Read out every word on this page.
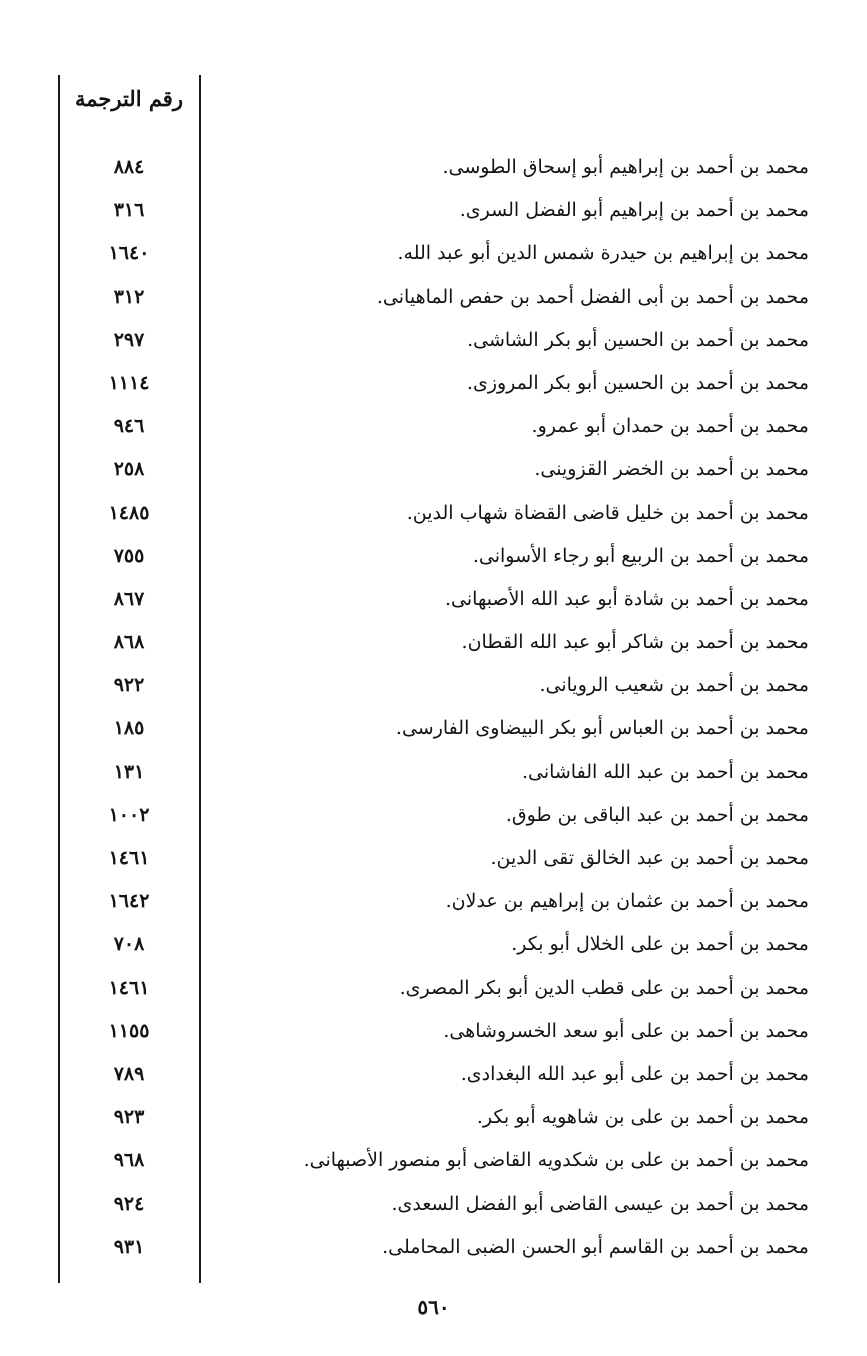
رقم الترجمة
٨٨٤	محمد بن أحمد بن إبراهيم أبو إسحاق الطوسى.
٣١٦	محمد بن أحمد بن إبراهيم أبو الفضل السرى.
١٦٤٠	محمد بن إبراهيم بن حيدرة شمس الدين أبو عبد الله.
٣١٢	محمد بن أحمد بن أبى الفضل أحمد بن حفص الماهيانى.
٢٩٧	محمد بن أحمد بن الحسين أبو بكر الشاشى.
١١١٤	محمد بن أحمد بن الحسين أبو بكر المروزى.
٩٤٦	محمد بن أحمد بن حمدان أبو عمرو.
٢٥٨	محمد بن أحمد بن الخضر القزوينى.
١٤٨٥	محمد بن أحمد بن خليل قاضى القضاة شهاب الدين.
٧٥٥	محمد بن أحمد بن الربيع أبو رجاء الأسوانى.
٨٦٧	محمد بن أحمد بن شادة أبو عبد الله الأصبهانى.
٨٦٨	محمد بن أحمد بن شاكر أبو عبد الله القطان.
٩٢٢	محمد بن أحمد بن شعيب الرويانى.
١٨٥	محمد بن أحمد بن العباس أبو بكر البيضاوى الفارسى.
١٣١	محمد بن أحمد بن عبد الله الفاشانى.
١٠٠٢	محمد بن أحمد بن عبد الباقى بن طوق.
١٤٦١	محمد بن أحمد بن عبد الخالق تقى الدين.
١٦٤٢	محمد بن أحمد بن عثمان بن إبراهيم بن عدلان.
٧٠٨	محمد بن أحمد بن على الخلال أبو بكر.
١٤٦١	محمد بن أحمد بن على قطب الدين أبو بكر المصرى.
١١٥٥	محمد بن أحمد بن على أبو سعد الخسروشاهى.
٧٨٩	محمد بن أحمد بن على أبو عبد الله البغدادى.
٩٢٣	محمد بن أحمد بن على بن شاهويه أبو بكر.
٩٦٨	محمد بن أحمد بن على بن شكدويه القاضى أبو منصور الأصبهانى.
٩٢٤	محمد بن أحمد بن عيسى القاضى أبو الفضل السعدى.
٩٣١	محمد بن أحمد بن القاسم أبو الحسن الضبى المحاملى.
٥٦٠
